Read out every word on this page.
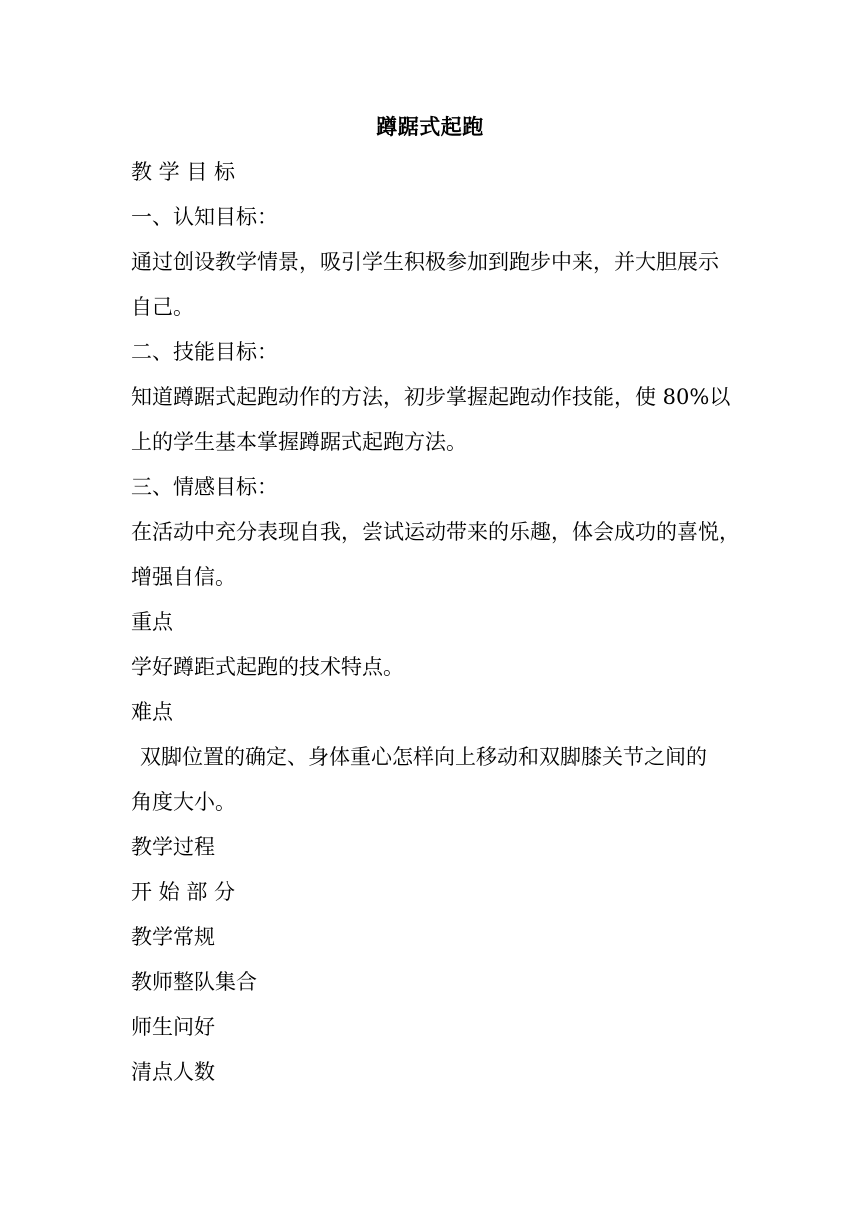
蹲踞式起跑
教 学 目 标
一、认知目标：
通过创设教学情景，吸引学生积极参加到跑步中来，并大胆展示
自己。
二、技能目标：
知道蹲踞式起跑动作的方法，初步掌握起跑动作技能，使 80%以
上的学生基本掌握蹲踞式起跑方法。
三、情感目标：
在活动中充分表现自我，尝试运动带来的乐趣，体会成功的喜悦，
增强自信。
重点
学好蹲距式起跑的技术特点。
难点
双脚位置的确定、身体重心怎样向上移动和双脚膝关节之间的
角度大小。
教学过程
开 始 部 分
教学常规
教师整队集合
师生问好
清点人数
